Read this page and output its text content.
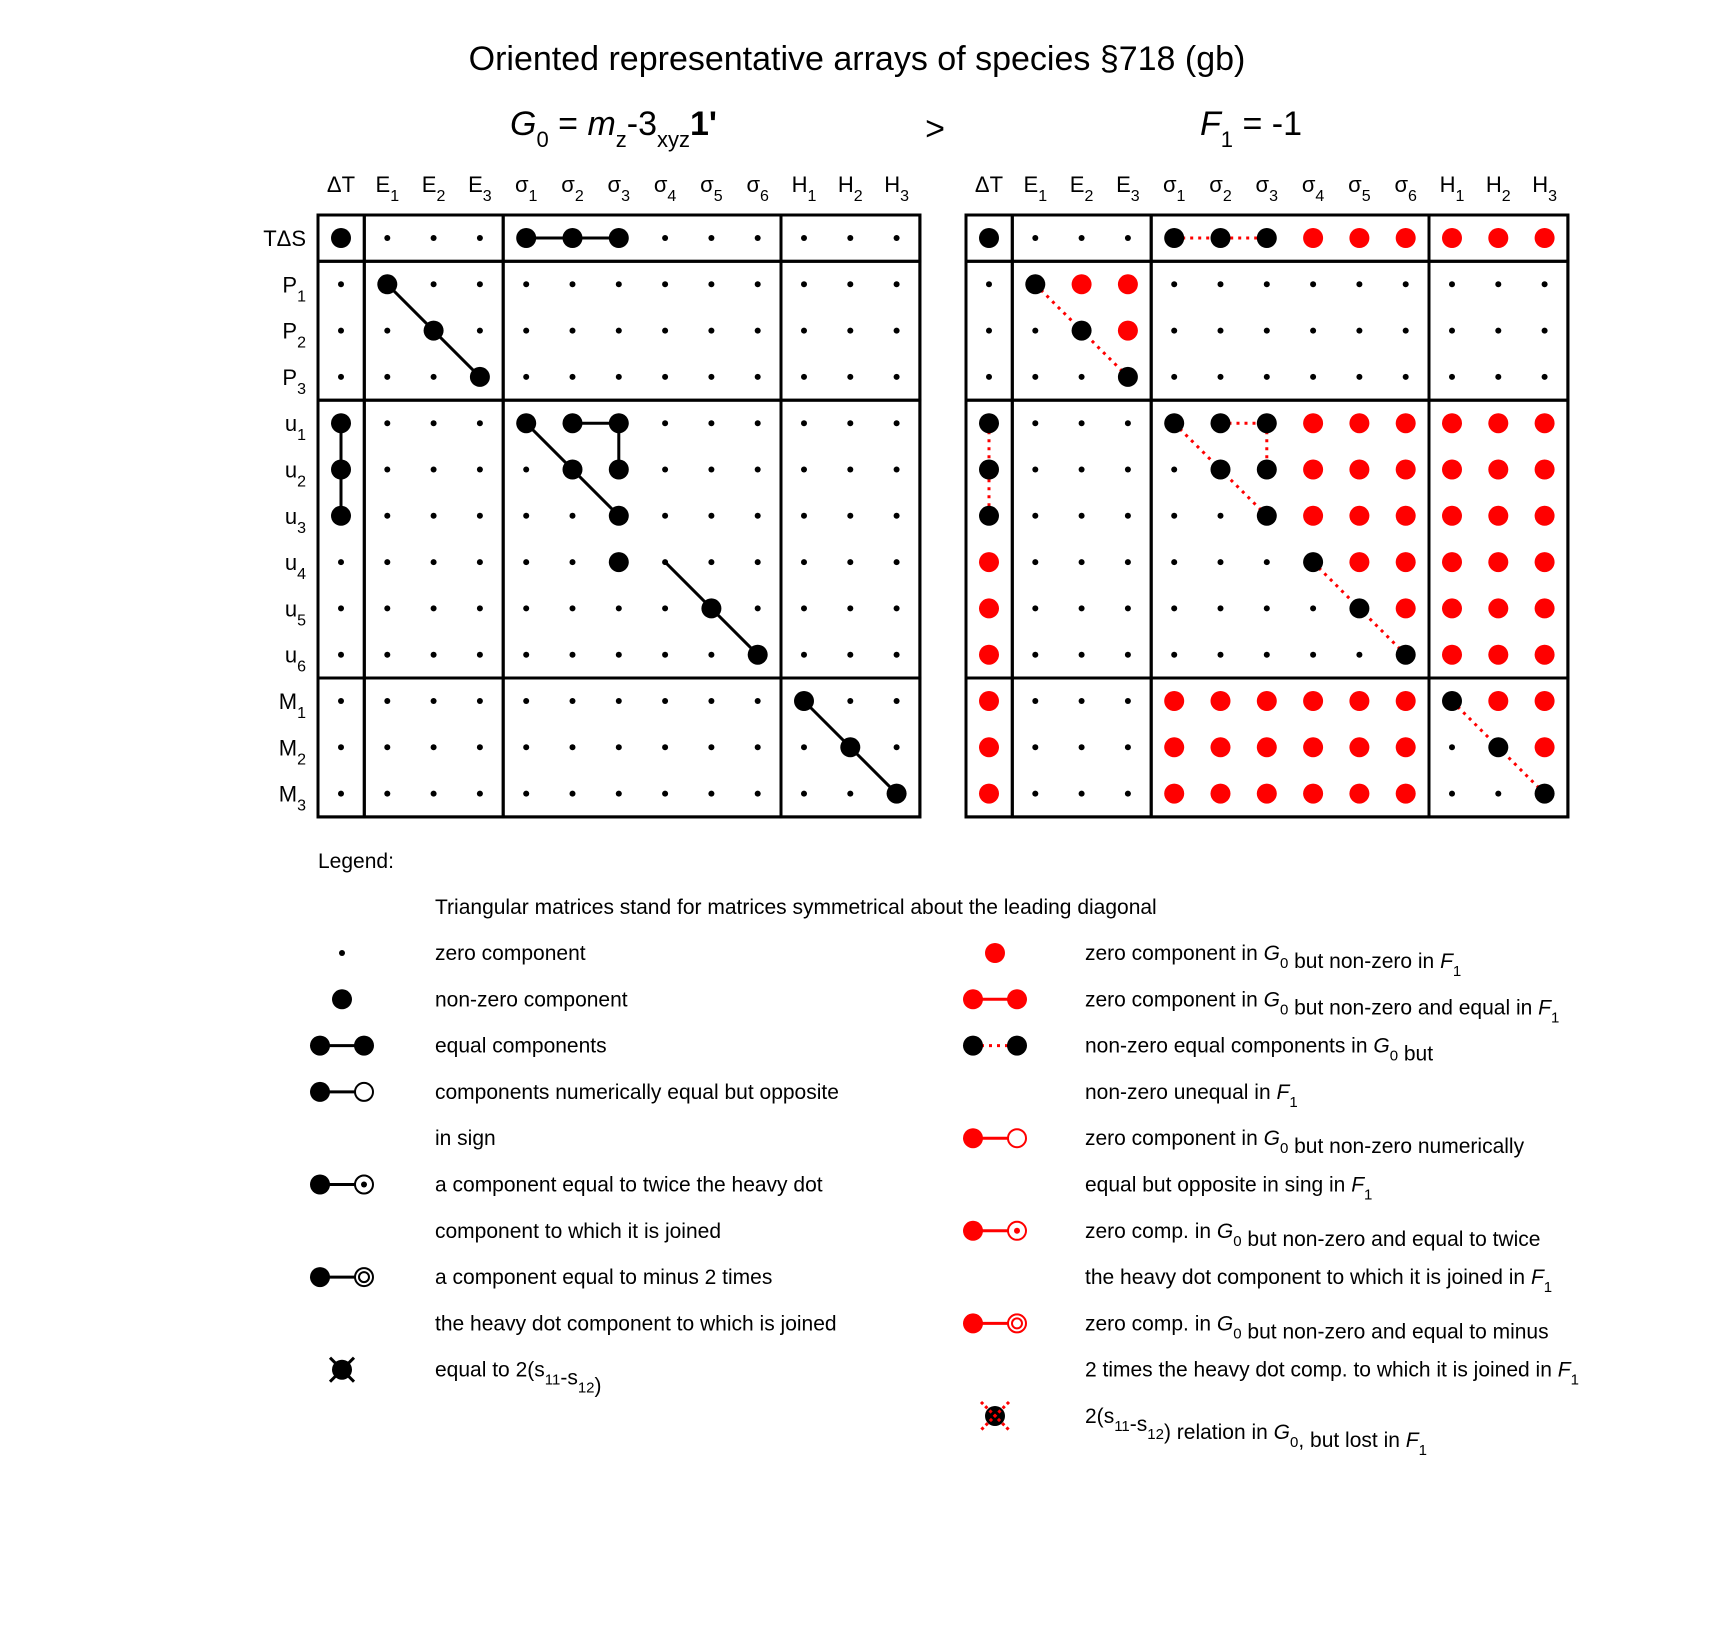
Oriented representative arrays of species §718 (gb)
$G_0 = m_z-3_{xyz}1'$	>	$F_1 = -1$
ΔT $E_1$ $E_2$ $E_3$ $\sigma_1$ $\sigma_2$ $\sigma_3$ $\sigma_4$ $\sigma_5$ $\sigma_6$ $H_1$ $H_2$ $H_3$
TΔS
$P_1$
$P_2$
$P_3$
$u_1$
$u_2$
$u_3$
$u_4$
$u_5$
$u_6$
$M_1$
$M_2$
$M_3$
ΔT $E_1$ $E_2$ $E_3$ $\sigma_1$ $\sigma_2$ $\sigma_3$ $\sigma_4$ $\sigma_5$ $\sigma_6$ $H_1$ $H_2$ $H_3$
Legend:
Triangular matrices stand for matrices symmetrical about the leading diagonal
zero component
non-zero component
equal components
components numerically equal but opposite
in sign
a component equal to twice the heavy dot
component to which it is joined
a component equal to minus 2 times
the heavy dot component to which is joined
equal to $2(s_{11}-s_{12})$
zero component in $G_0$ but non-zero in $F_1$
zero component in $G_0$ but non-zero and equal in $F_1$
non-zero equal components in $G_0$ but
non-zero unequal in $F_1$
zero component in $G_0$ but non-zero numerically
equal but opposite in sing in $F_1$
zero comp. in $G_0$ but non-zero and equal to twice
the heavy dot component to which it is joined in $F_1$
zero comp. in $G_0$ but non-zero and equal to minus
2 times the heavy dot comp. to which it is joined in $F_1$
$2(s_{11}-s_{12})$ relation in $G_0$, but lost in $F_1$
